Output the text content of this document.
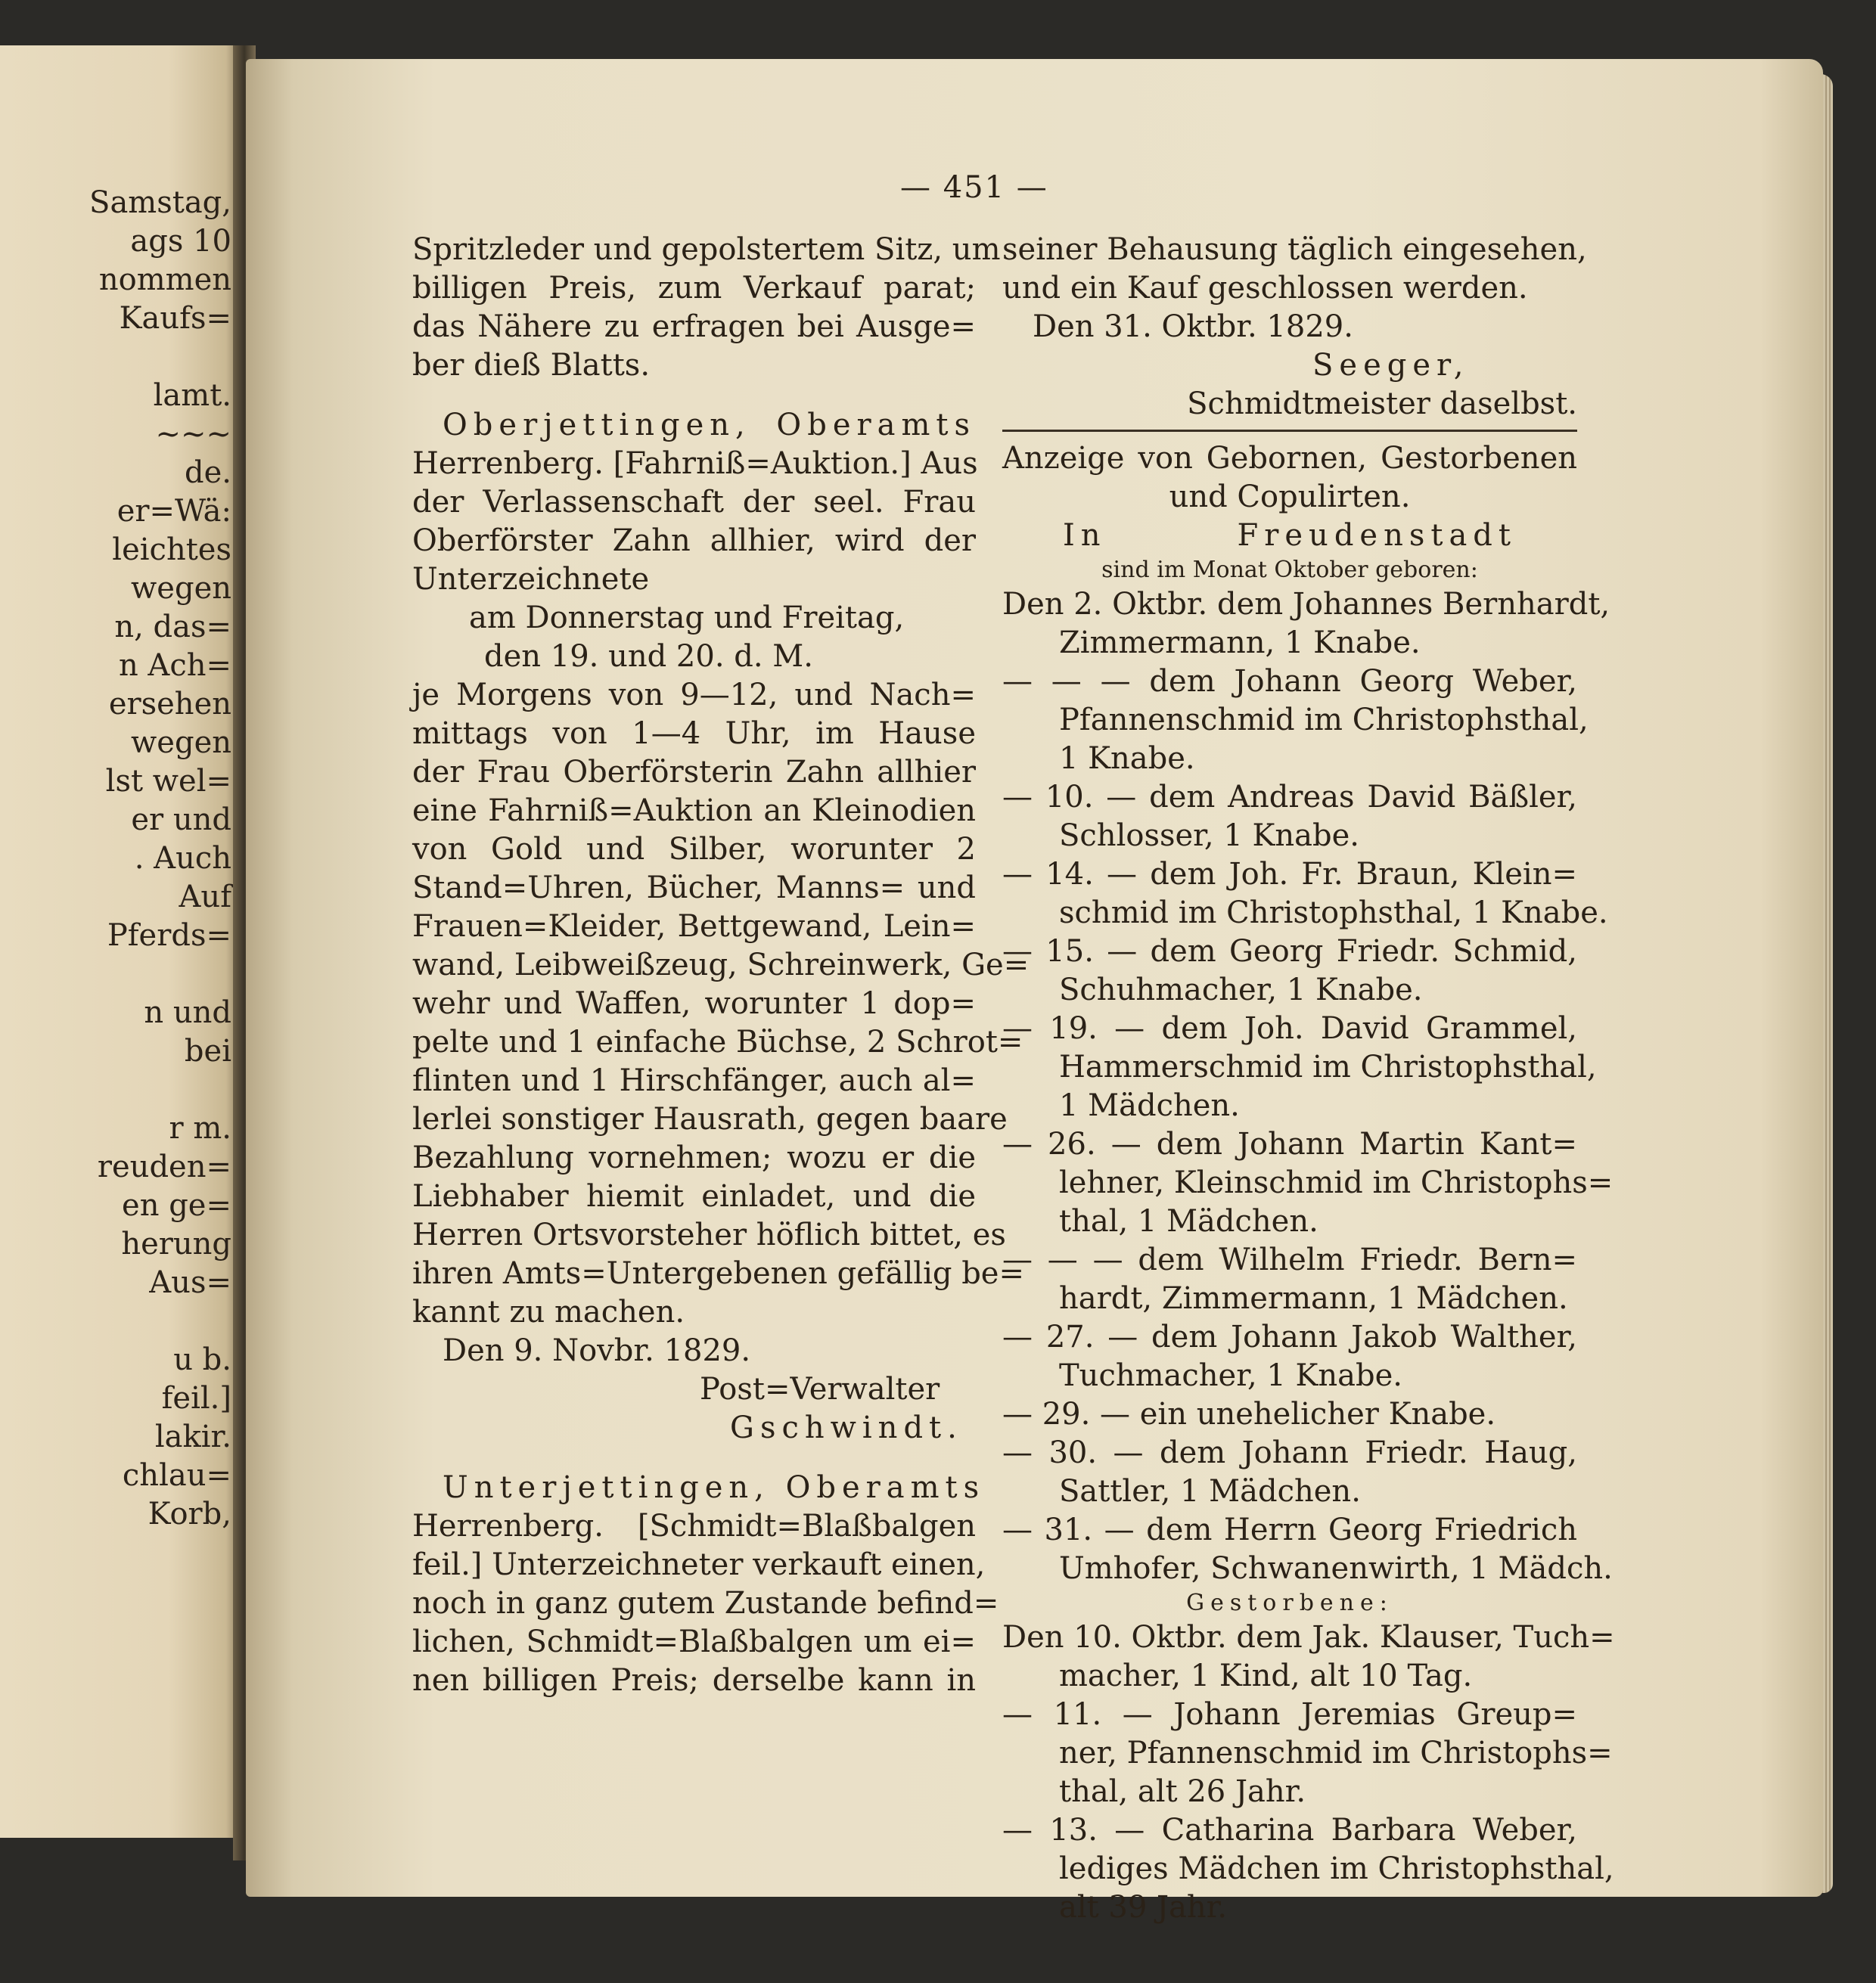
Samstag,
ags 10
nommen
Kaufs=
lamt.
~~~
de.
er=Wä:
leichtes
wegen
n, das=
n Ach=
ersehen
wegen
lst wel=
er und
. Auch
Auf
Pferds=
n und
bei
r m.
reuden=
en ge=
herung
Aus=
u b.
feil.]
lakir.
chlau=
Korb,
— 451 —
Spritzleder und gepolstertem Sitz, um
billigen Preis, zum Verkauf parat;
das Nähere zu erfragen bei Ausge=
ber dieß Blatts.
Oberjettingen, Oberamts
Herrenberg. [Fahrniß=Auktion.] Aus
der Verlassenschaft der seel. Frau
Oberförster Zahn allhier, wird der
Unterzeichnete
am Donnerstag und Freitag,
den 19. und 20. d. M.
je Morgens von 9—12, und Nach=
mittags von 1—4 Uhr, im Hause
der Frau Oberförsterin Zahn allhier
eine Fahrniß=Auktion an Kleinodien
von Gold und Silber, worunter 2
Stand=Uhren, Bücher, Manns= und
Frauen=Kleider, Bettgewand, Lein=
wand, Leibweißzeug, Schreinwerk, Ge=
wehr und Waffen, worunter 1 dop=
pelte und 1 einfache Büchse, 2 Schrot=
flinten und 1 Hirschfänger, auch al=
lerlei sonstiger Hausrath, gegen baare
Bezahlung vornehmen; wozu er die
Liebhaber hiemit einladet, und die
Herren Ortsvorsteher höflich bittet, es
ihren Amts=Untergebenen gefällig be=
kannt zu machen.
Den 9. Novbr. 1829.
Post=Verwalter
Gschwindt.
Unterjettingen, Oberamts
Herrenberg. [Schmidt=Blaßbalgen
feil.] Unterzeichneter verkauft einen,
noch in ganz gutem Zustande befind=
lichen, Schmidt=Blaßbalgen um ei=
nen billigen Preis; derselbe kann in
seiner Behausung täglich eingesehen,
und ein Kauf geschlossen werden.
Den 31. Oktbr. 1829.
Seeger,
Schmidtmeister daselbst.
Anzeige von Gebornen, Gestorbenen
und Copulirten.
In Freudenstadt
sind im Monat Oktober geboren:
Den 2. Oktbr. dem Johannes Bernhardt,
Zimmermann, 1 Knabe.
— — — dem Johann Georg Weber,
Pfannenschmid im Christophsthal,
1 Knabe.
— 10. — dem Andreas David Bäßler,
Schlosser, 1 Knabe.
— 14. — dem Joh. Fr. Braun, Klein=
schmid im Christophsthal, 1 Knabe.
— 15. — dem Georg Friedr. Schmid,
Schuhmacher, 1 Knabe.
— 19. — dem Joh. David Grammel,
Hammerschmid im Christophsthal,
1 Mädchen.
— 26. — dem Johann Martin Kant=
lehner, Kleinschmid im Christophs=
thal, 1 Mädchen.
— — — dem Wilhelm Friedr. Bern=
hardt, Zimmermann, 1 Mädchen.
— 27. — dem Johann Jakob Walther,
Tuchmacher, 1 Knabe.
— 29. — ein unehelicher Knabe.
— 30. — dem Johann Friedr. Haug,
Sattler, 1 Mädchen.
— 31. — dem Herrn Georg Friedrich
Umhofer, Schwanenwirth, 1 Mädch.
Gestorbene:
Den 10. Oktbr. dem Jak. Klauser, Tuch=
macher, 1 Kind, alt 10 Tag.
— 11. — Johann Jeremias Greup=
ner, Pfannenschmid im Christophs=
thal, alt 26 Jahr.
— 13. — Catharina Barbara Weber,
lediges Mädchen im Christophsthal,
alt 39 Jahr.
